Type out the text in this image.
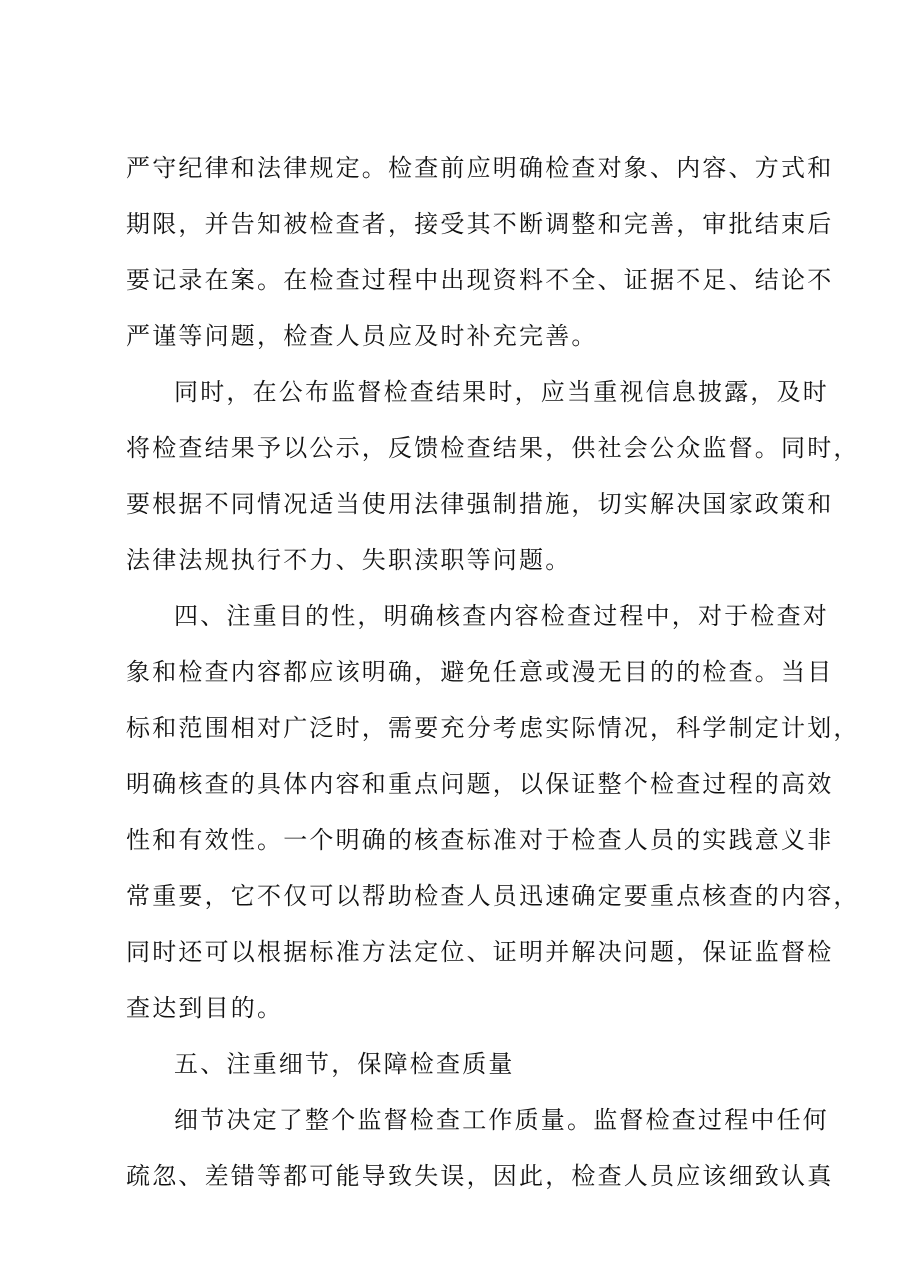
严守纪律和法律规定。检查前应明确检查对象、内容、方式和
期限，并告知被检查者，接受其不断调整和完善，审批结束后
要记录在案。在检查过程中出现资料不全、证据不足、结论不
严谨等问题，检查人员应及时补充完善。
同时，在公布监督检查结果时，应当重视信息披露，及时
将检查结果予以公示，反馈检查结果，供社会公众监督。同时，
要根据不同情况适当使用法律强制措施，切实解决国家政策和
法律法规执行不力、失职渎职等问题。
四、注重目的性，明确核查内容检查过程中，对于检查对
象和检查内容都应该明确，避免任意或漫无目的的检查。当目
标和范围相对广泛时，需要充分考虑实际情况，科学制定计划，
明确核查的具体内容和重点问题，以保证整个检查过程的高效
性和有效性。一个明确的核查标准对于检查人员的实践意义非
常重要，它不仅可以帮助检查人员迅速确定要重点核查的内容，
同时还可以根据标准方法定位、证明并解决问题，保证监督检
查达到目的。
五、注重细节，保障检查质量
细节决定了整个监督检查工作质量。监督检查过程中任何
疏忽、差错等都可能导致失误，因此，检查人员应该细致认真
